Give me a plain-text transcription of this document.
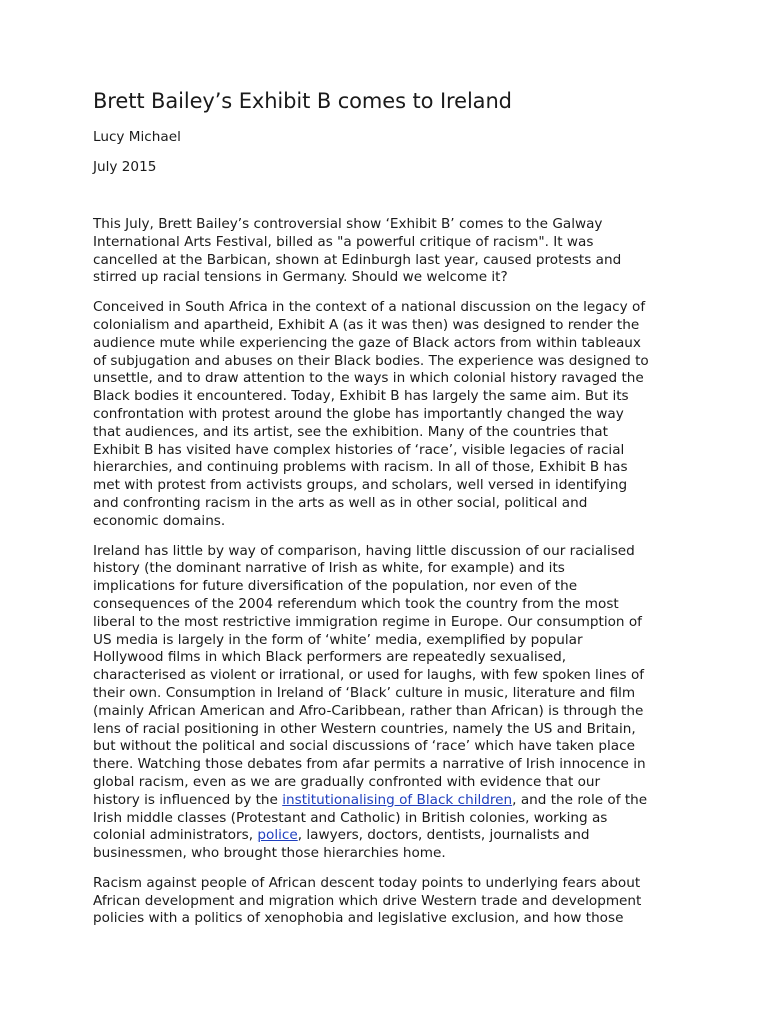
Brett Bailey’s Exhibit B comes to Ireland

Lucy Michael

July 2015

This July, Brett Bailey’s controversial show ‘Exhibit B’ comes to the Galway
International Arts Festival, billed as "a powerful critique of racism". It was
cancelled at the Barbican, shown at Edinburgh last year, caused protests and
stirred up racial tensions in Germany. Should we welcome it?

Conceived in South Africa in the context of a national discussion on the legacy of
colonialism and apartheid, Exhibit A (as it was then) was designed to render the
audience mute while experiencing the gaze of Black actors from within tableaux
of subjugation and abuses on their Black bodies. The experience was designed to
unsettle, and to draw attention to the ways in which colonial history ravaged the
Black bodies it encountered. Today, Exhibit B has largely the same aim. But its
confrontation with protest around the globe has importantly changed the way
that audiences, and its artist, see the exhibition. Many of the countries that
Exhibit B has visited have complex histories of ‘race’, visible legacies of racial
hierarchies, and continuing problems with racism. In all of those, Exhibit B has
met with protest from activists groups, and scholars, well versed in identifying
and confronting racism in the arts as well as in other social, political and
economic domains.

Ireland has little by way of comparison, having little discussion of our racialised
history (the dominant narrative of Irish as white, for example) and its
implications for future diversification of the population, nor even of the
consequences of the 2004 referendum which took the country from the most
liberal to the most restrictive immigration regime in Europe. Our consumption of
US media is largely in the form of ‘white’ media, exemplified by popular
Hollywood films in which Black performers are repeatedly sexualised,
characterised as violent or irrational, or used for laughs, with few spoken lines of
their own. Consumption in Ireland of ‘Black’ culture in music, literature and film
(mainly African American and Afro-Caribbean, rather than African) is through the
lens of racial positioning in other Western countries, namely the US and Britain,
but without the political and social discussions of ‘race’ which have taken place
there. Watching those debates from afar permits a narrative of Irish innocence in
global racism, even as we are gradually confronted with evidence that our
history is influenced by the institutionalising of Black children, and the role of the
Irish middle classes (Protestant and Catholic) in British colonies, working as
colonial administrators, police, lawyers, doctors, dentists, journalists and
businessmen, who brought those hierarchies home.

Racism against people of African descent today points to underlying fears about
African development and migration which drive Western trade and development
policies with a politics of xenophobia and legislative exclusion, and how those
